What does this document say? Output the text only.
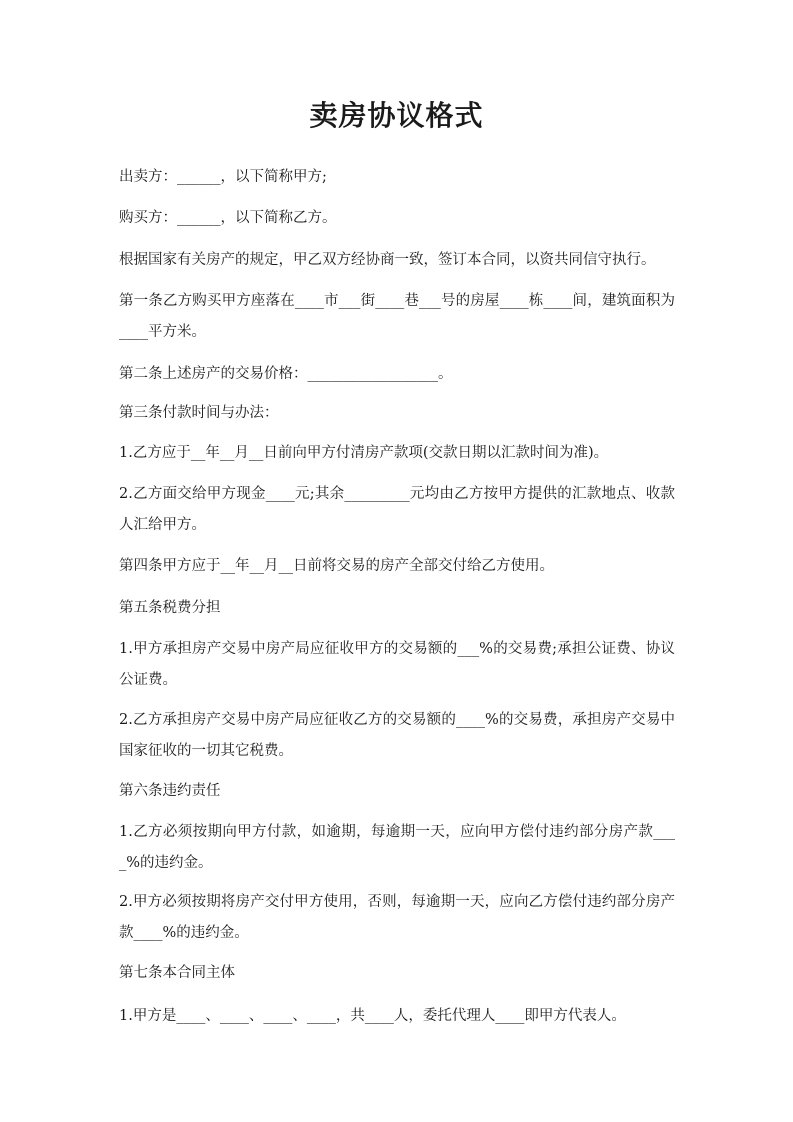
卖房协议格式

出卖方：______，以下简称甲方;

购买方：______，以下简称乙方。

根据国家有关房产的规定，甲乙双方经协商一致，签订本合同，以资共同信守执行。

第一条乙方购买甲方座落在____市___街____巷___号的房屋____栋____间，建筑面积为____平方米。

第二条上述房产的交易价格：__________________。

第三条付款时间与办法：

1.乙方应于__年__月__日前向甲方付清房产款项(交款日期以汇款时间为准)。

2.乙方面交给甲方现金____元;其余_________元均由乙方按甲方提供的汇款地点、收款人汇给甲方。

第四条甲方应于__年__月__日前将交易的房产全部交付给乙方使用。

第五条税费分担

1.甲方承担房产交易中房产局应征收甲方的交易额的___%的交易费;承担公证费、协议公证费。

2.乙方承担房产交易中房产局应征收乙方的交易额的____%的交易费，承担房产交易中国家征收的一切其它税费。

第六条违约责任

1.乙方必须按期向甲方付款，如逾期，每逾期一天，应向甲方偿付违约部分房产款____%的违约金。

2.甲方必须按期将房产交付甲方使用，否则，每逾期一天，应向乙方偿付违约部分房产款____%的违约金。

第七条本合同主体

1.甲方是____、____、____、____，共____人，委托代理人____即甲方代表人。
